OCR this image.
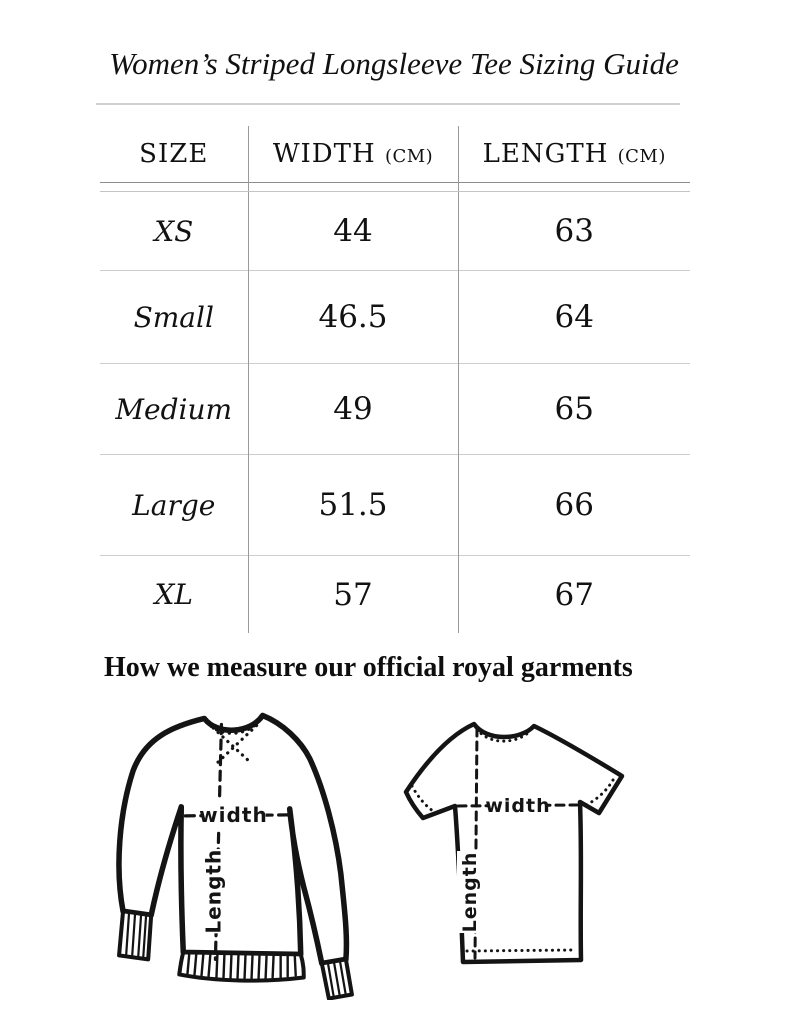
Women’s Striped Longsleeve Tee Sizing Guide
SIZE	WIDTH (CM)	LENGTH (CM)

XS	44	63
Small	46.5	64
Medium	49	65
Large	51.5	66
XL	57	67
How we measure our official royal garments
width
Length
width
Length
